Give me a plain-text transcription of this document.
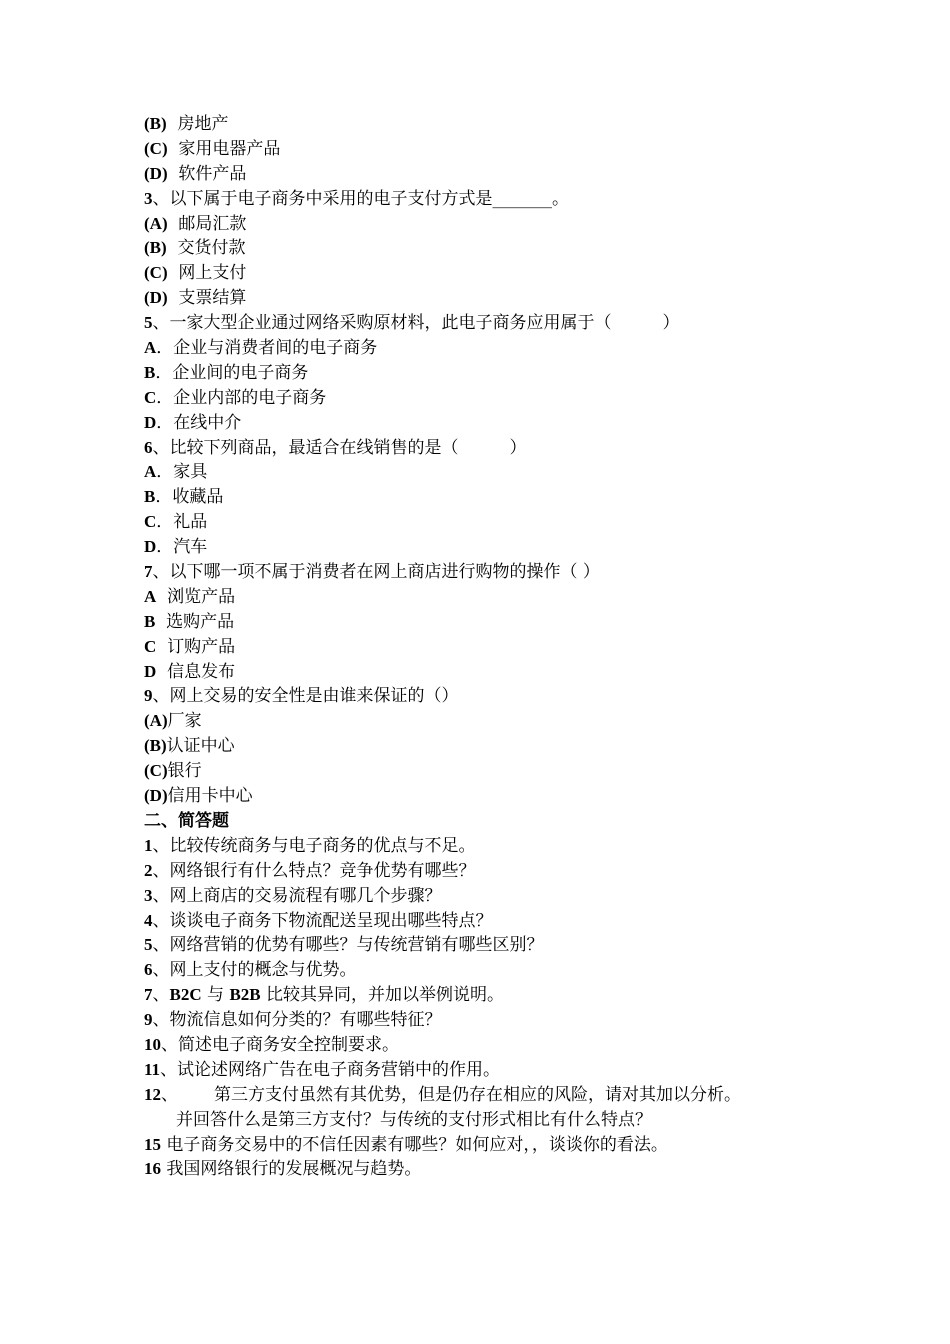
(B)  房地产
(C)  家用电器产品
(D)  软件产品
3、以下属于电子商务中采用的电子支付方式是_______。
(A)  邮局汇款
(B)  交货付款
(C)  网上支付
(D)  支票结算
5、一家大型企业通过网络采购原材料，此电子商务应用属于（　　　）
A．企业与消费者间的电子商务
B．企业间的电子商务
C．企业内部的电子商务
D．在线中介
6、比较下列商品，最适合在线销售的是（　　　）
A．家具
B．收藏品
C．礼品
D．汽车
7、以下哪一项不属于消费者在网上商店进行购物的操作（ ）
A  浏览产品
B  选购产品
C  订购产品
D  信息发布
9、网上交易的安全性是由谁来保证的（）
(A)厂家
(B)认证中心
(C)银行
(D)信用卡中心
二、简答题
1、比较传统商务与电子商务的优点与不足。
2、网络银行有什么特点？竞争优势有哪些？
3、网上商店的交易流程有哪几个步骤？
4、谈谈电子商务下物流配送呈现出哪些特点？
5、网络营销的优势有哪些？与传统营销有哪些区别？
6、网上支付的概念与优势。
7、B2C 与 B2B 比较其异同，并加以举例说明。
9、物流信息如何分类的？有哪些特征？
10、简述电子商务安全控制要求。
11、试论述网络广告在电子商务营销中的作用。
12、 第三方支付虽然有其优势，但是仍存在相应的风险，请对其加以分析。
并回答什么是第三方支付？与传统的支付形式相比有什么特点？
15 电子商务交易中的不信任因素有哪些？如何应对，，谈谈你的看法。
16 我国网络银行的发展概况与趋势。
